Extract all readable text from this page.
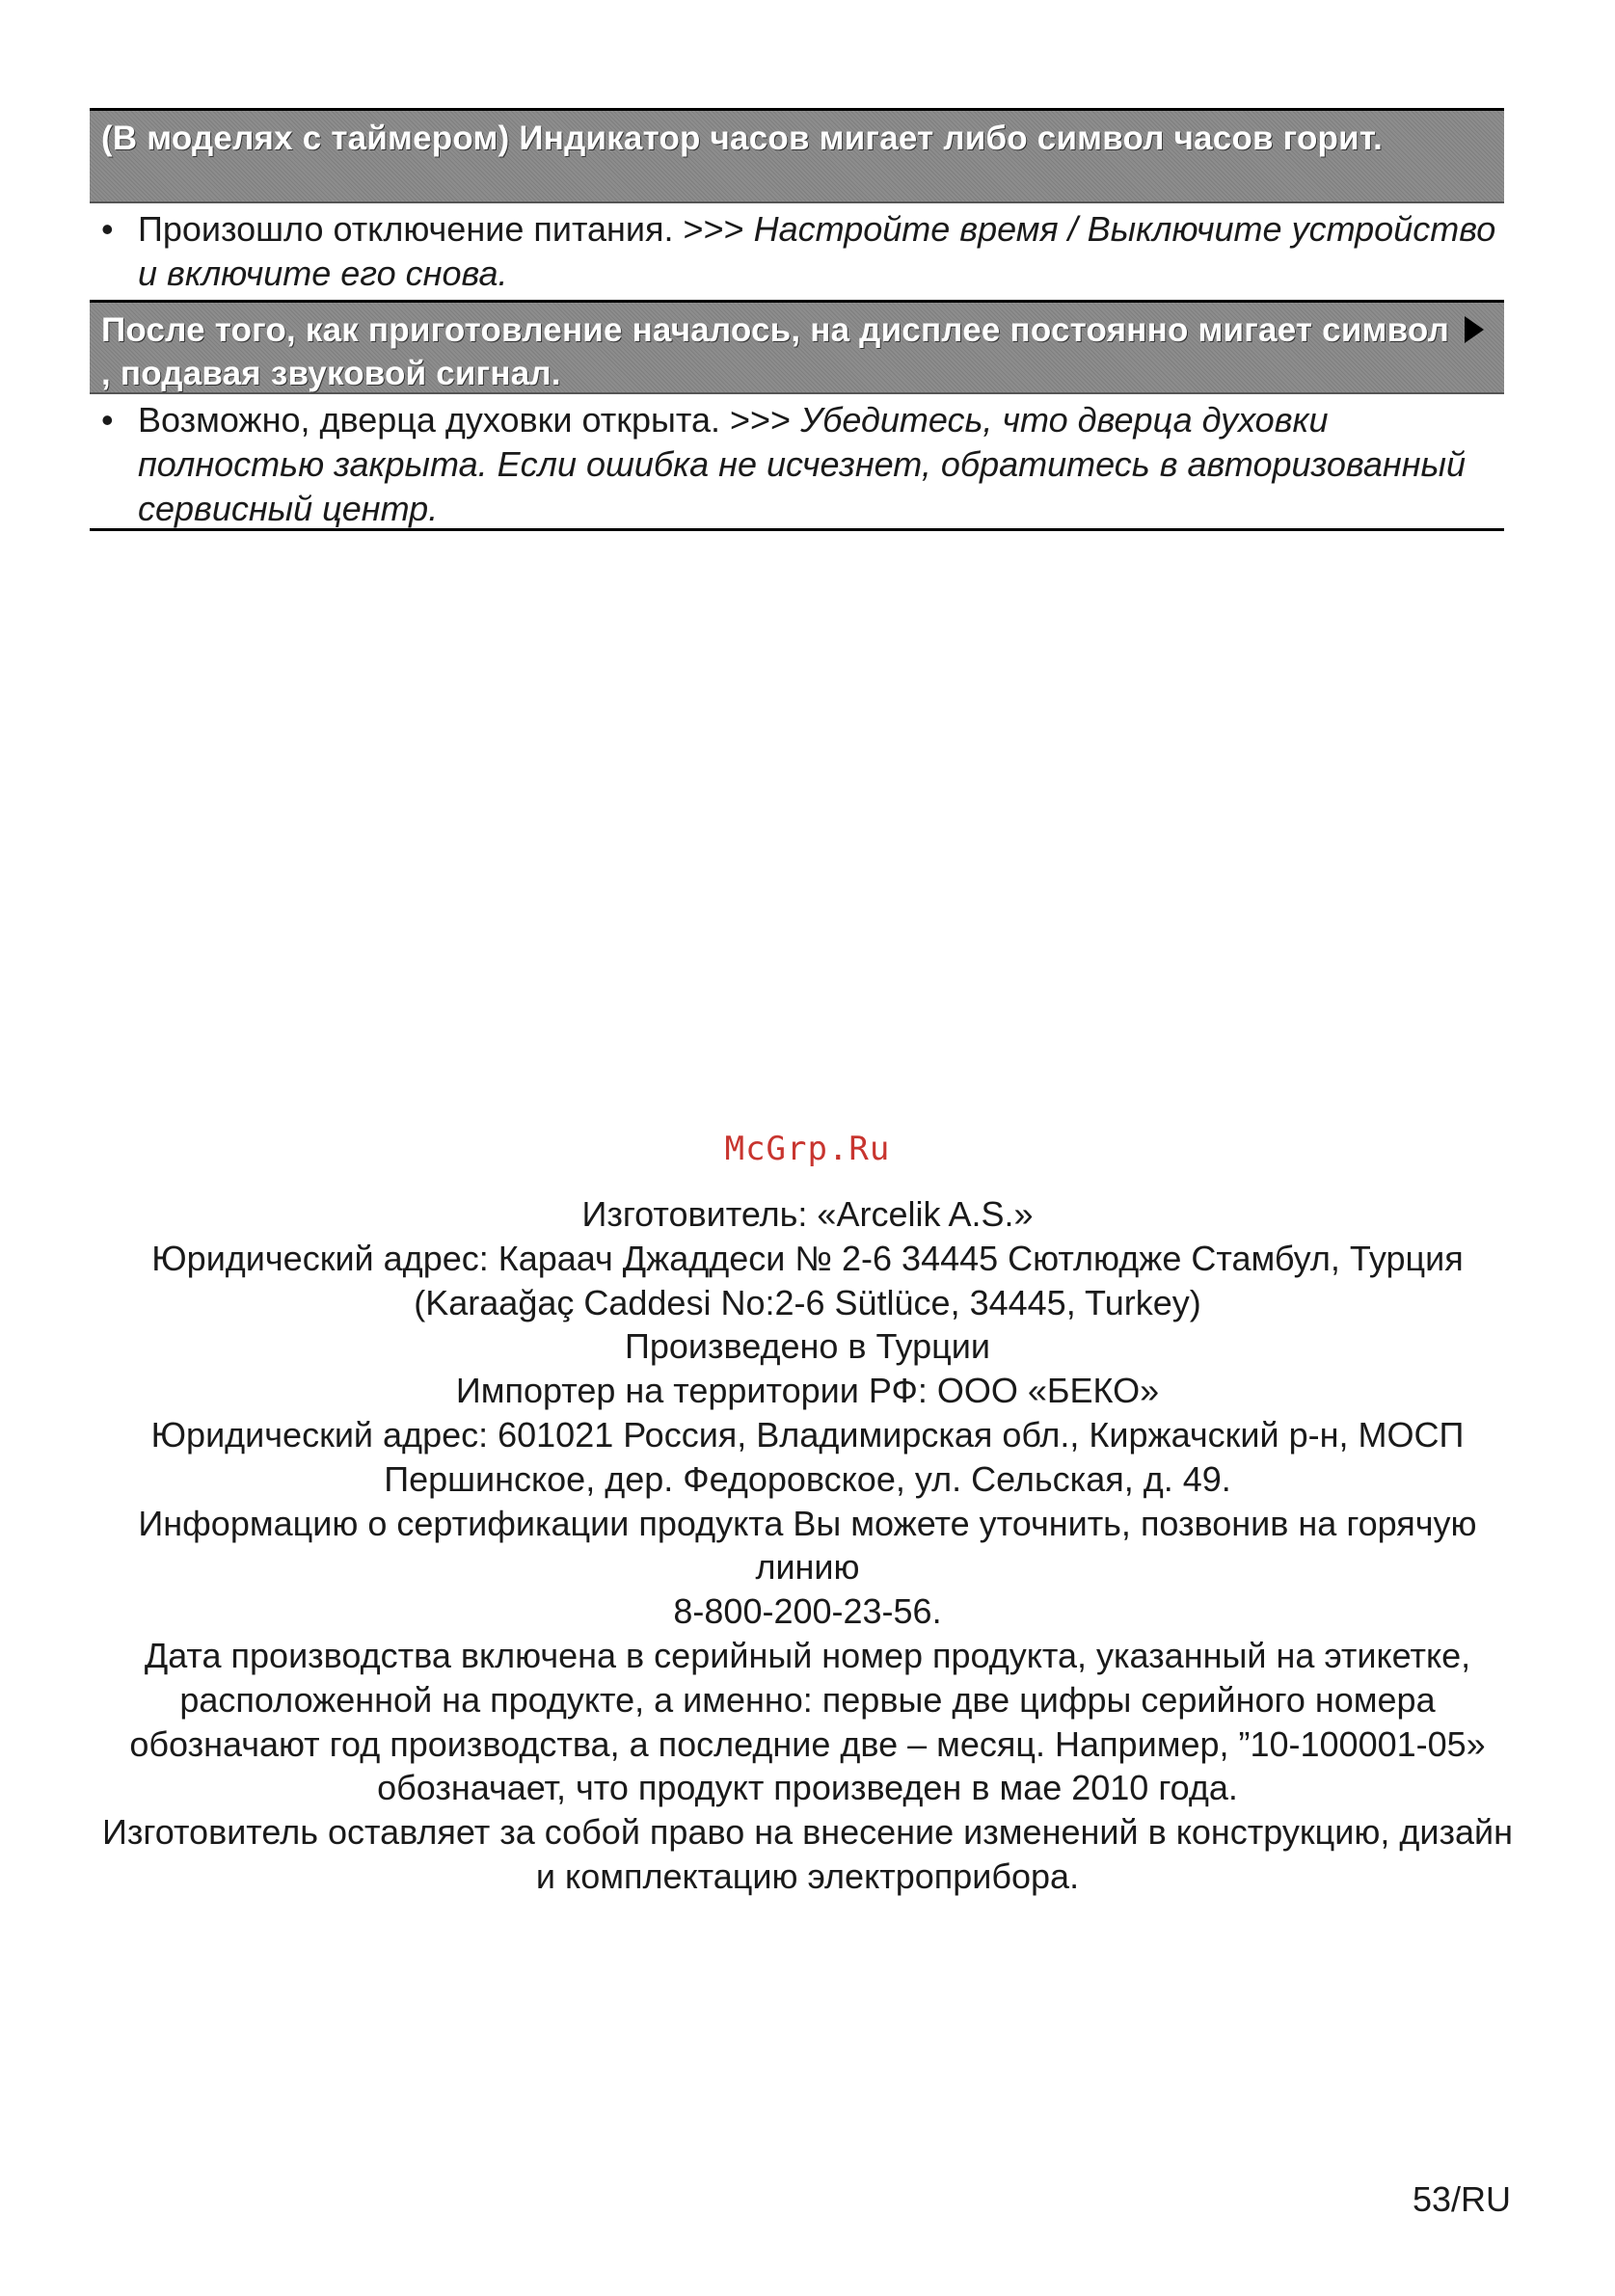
(В моделях с таймером) Индикатор часов мигает либо символ часов горит.
• Произошло отключение питания. >>> Настройте время / Выключите устройство и включите его снова.
После того, как приготовление началось, на дисплее постоянно мигает символ , подавая звуковой сигнал.
• Возможно, дверца духовки открыта. >>> Убедитесь, что дверца духовки полностью закрыта. Если ошибка не исчезнет, обратитесь в авторизованный сервисный центр.
McGrp.Ru

Изготовитель: «Arcelik A.S.»

Юридический адрес: Караач Джаддеси № 2-6 34445 Сютлюдже Стамбул, Турция

(Karaağaç Caddesi No:2-6 Sütlüce, 34445, Turkey)

Произведено в Турции

Импортер на территории РФ: ООО «БЕКО»

Юридический адрес: 601021 Россия, Владимирская обл., Киржачский р-н, МОСП Першинское, дер. Федоровское, ул. Сельская, д. 49.

Информацию о сертификации продукта Вы можете уточнить, позвонив на горячую линию

8-800-200-23-56.

Дата производства включена в серийный номер продукта, указанный на этикетке, расположенной на продукте, а именно: первые две цифры серийного номера обозначают год производства, а последние две – месяц. Например, ”10-100001-05» обозначает, что продукт произведен в мае 2010 года.

Изготовитель оставляет за собой право на внесение изменений в конструкцию, дизайн и комплектацию электроприбора.

53/RU
